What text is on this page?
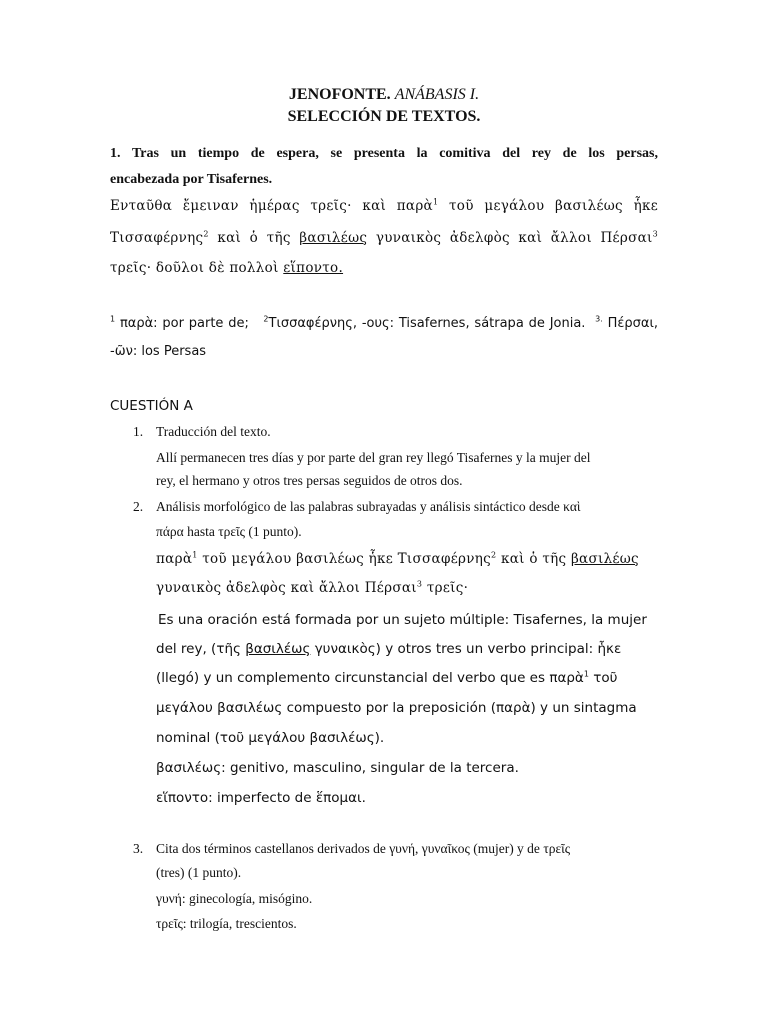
JENOFONTE. ANÁBASIS I.
SELECCIÓN DE TEXTOS.
1. Tras un tiempo de espera, se presenta la comitiva del rey de los persas,
encabezada por Tisafernes.
Ενταῦθα ἔμειναν ἡμέρας τρεῖς· καὶ παρὰ$^1$ τοῦ μεγάλου βασιλέως ἧκε
Τισσαφέρνης$^2$ καὶ ὁ τῆς βασιλέως γυναικὸς ἀδελφὸς καὶ ἄλλοι Πέρσαι$^3$
τρεῖς· δοῦλοι δὲ πολλοὶ εἵποντο.
$^1$ παρὰ: por parte de; $^2$Τισσαφέρνης, -ους: Tisafernes, sátrapa de Jonia. $^{3.}$ Πέρσαι,
-ῶν: los Persas
CUESTIÓN A
1. Traducción del texto.
Allí permanecen tres días y por parte del gran rey llegó Tisafernes y la mujer del
rey, el hermano y otros tres persas seguidos de otros dos.
2. Análisis morfológico de las palabras subrayadas y análisis sintáctico desde καὶ
πάρα hasta τρεῖς (1 punto).
παρὰ$^1$ τοῦ μεγάλου βασιλέως ἧκε Τισσαφέρνης$^2$ καὶ ὁ τῆς βασιλέως
γυναικὸς ἀδελφὸς καὶ ἄλλοι Πέρσαι$^3$ τρεῖς·
Es una oración está formada por un sujeto múltiple: Tisafernes, la mujer
del rey, (τῆς βασιλέως γυναικὸς) y otros tres un verbo principal: ἧκε
(llegó) y un complemento circunstancial del verbo que es παρὰ$^1$ τοῦ
μεγάλου βασιλέως compuesto por la preposición (παρὰ) y un sintagma
nominal (τοῦ μεγάλου βασιλέως).
βασιλέως: genitivo, masculino, singular de la tercera.
εἵποντο: imperfecto de ἕπομαι.
3. Cita dos términos castellanos derivados de γυνή, γυναῖκος (mujer) y de τρεῖς
(tres) (1 punto).
γυνή: ginecología, misógino.
τρεῖς: trilogía, trescientos.
